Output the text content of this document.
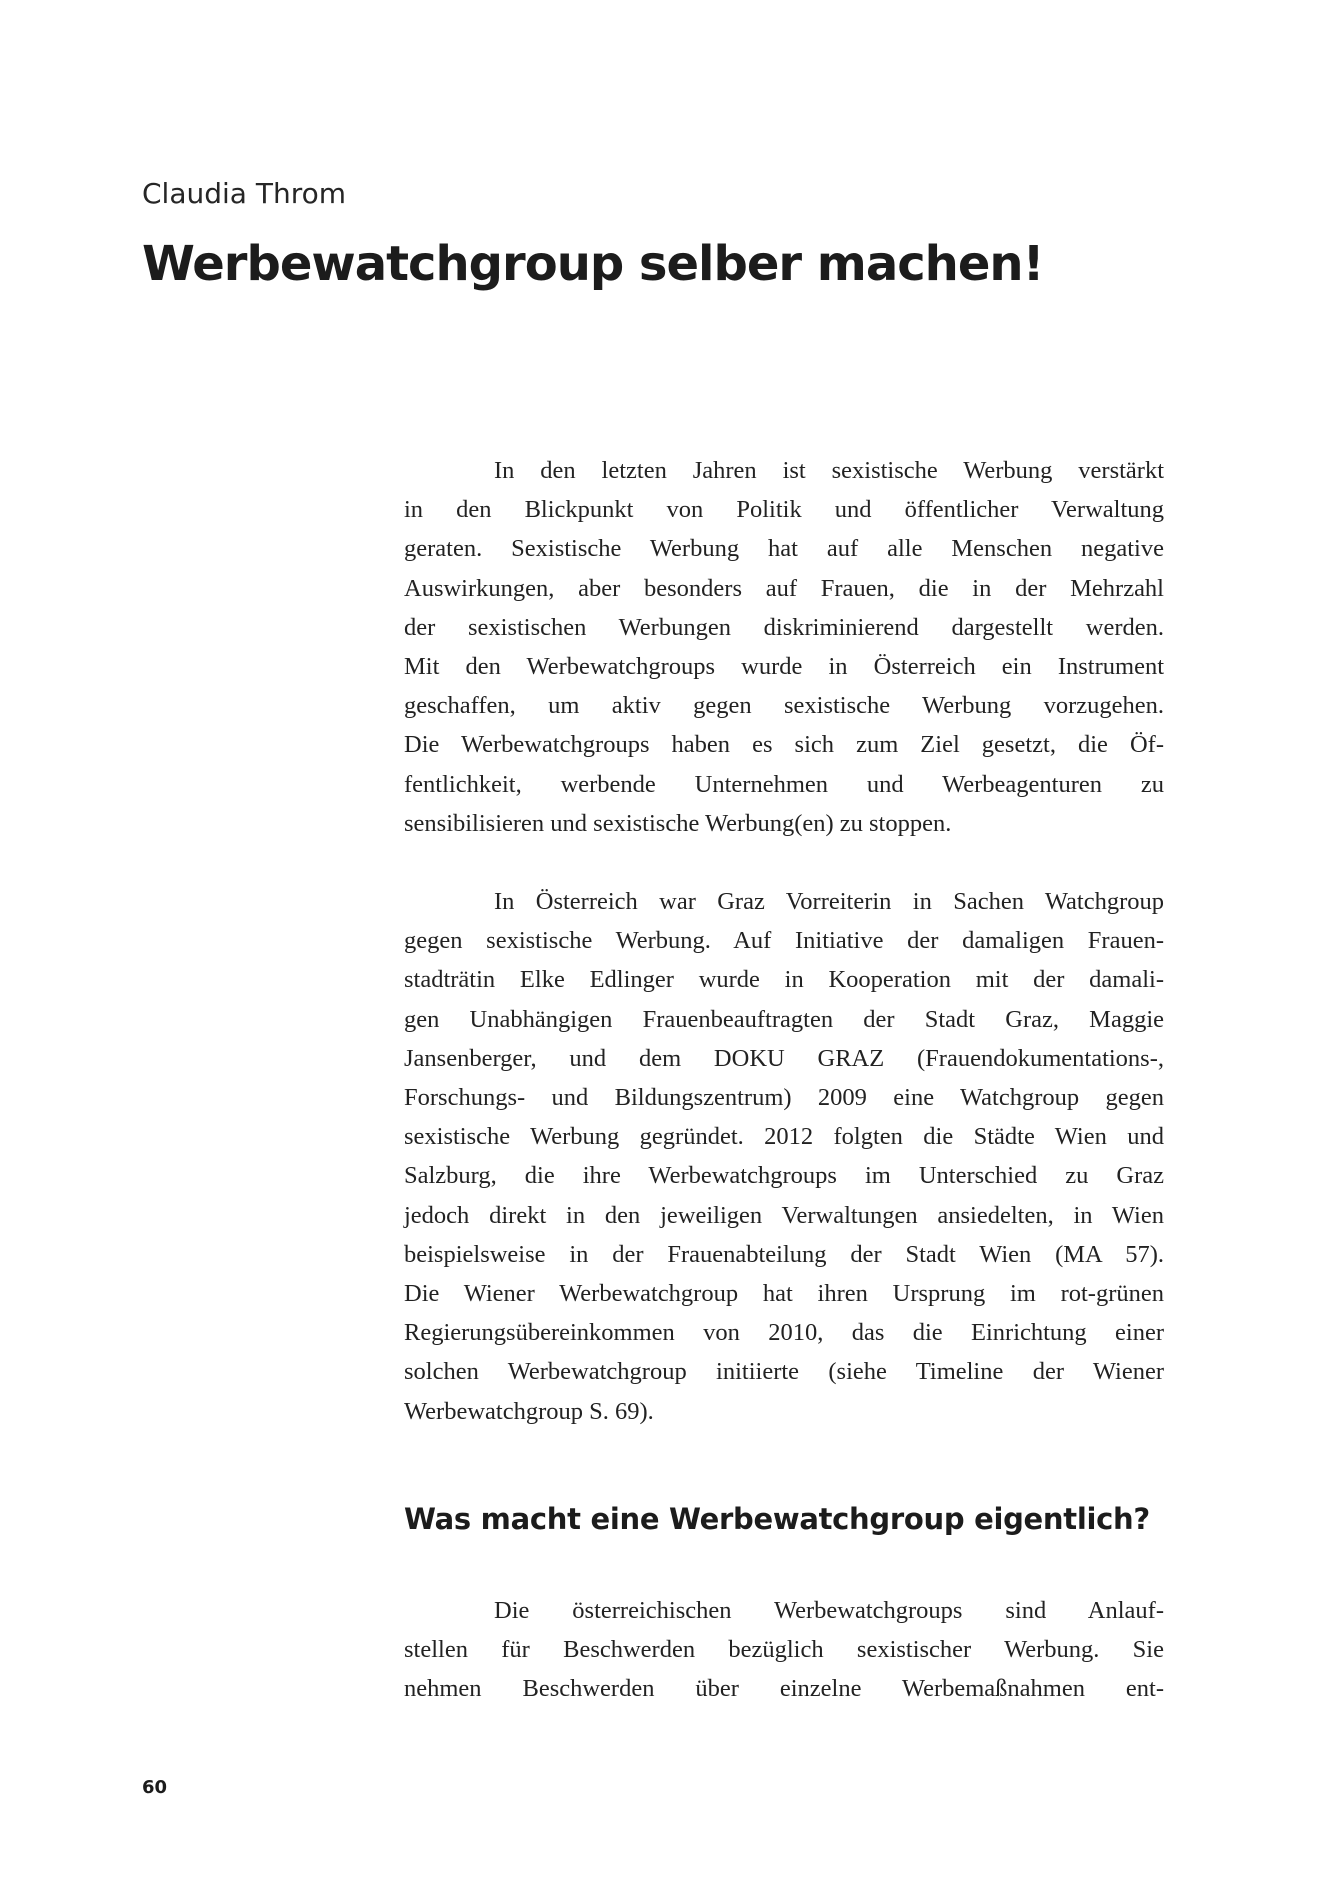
Claudia Throm

Werbewatchgroup selber machen!

In den letzten Jahren ist sexistische Werbung verstärkt
in den Blickpunkt von Politik und öffentlicher Verwaltung
geraten. Sexistische Werbung hat auf alle Menschen negative
Auswirkungen, aber besonders auf Frauen, die in der Mehrzahl
der sexistischen Werbungen diskriminierend dargestellt werden.
Mit den Werbewatchgroups wurde in Österreich ein Instrument
geschaffen, um aktiv gegen sexistische Werbung vorzugehen.
Die Werbewatchgroups haben es sich zum Ziel gesetzt, die Öf-
fentlichkeit, werbende Unternehmen und Werbeagenturen zu
sensibilisieren und sexistische Werbung(en) zu stoppen.

In Österreich war Graz Vorreiterin in Sachen Watchgroup
gegen sexistische Werbung. Auf Initiative der damaligen Frauen-
stadträtin Elke Edlinger wurde in Kooperation mit der damali-
gen Unabhängigen Frauenbeauftragten der Stadt Graz, Maggie
Jansenberger, und dem DOKU GRAZ (Frauendokumentations-,
Forschungs- und Bildungszentrum) 2009 eine Watchgroup gegen
sexistische Werbung gegründet. 2012 folgten die Städte Wien und
Salzburg, die ihre Werbewatchgroups im Unterschied zu Graz
jedoch direkt in den jeweiligen Verwaltungen ansiedelten, in Wien
beispielsweise in der Frauenabteilung der Stadt Wien (MA 57).
Die Wiener Werbewatchgroup hat ihren Ursprung im rot-grünen
Regierungsübereinkommen von 2010, das die Einrichtung einer
solchen Werbewatchgroup initiierte (siehe Timeline der Wiener
Werbewatchgroup S. 69).

Was macht eine Werbewatchgroup eigentlich?

Die österreichischen Werbewatchgroups sind Anlauf-
stellen für Beschwerden bezüglich sexistischer Werbung. Sie
nehmen Beschwerden über einzelne Werbemaßnahmen ent-

60
